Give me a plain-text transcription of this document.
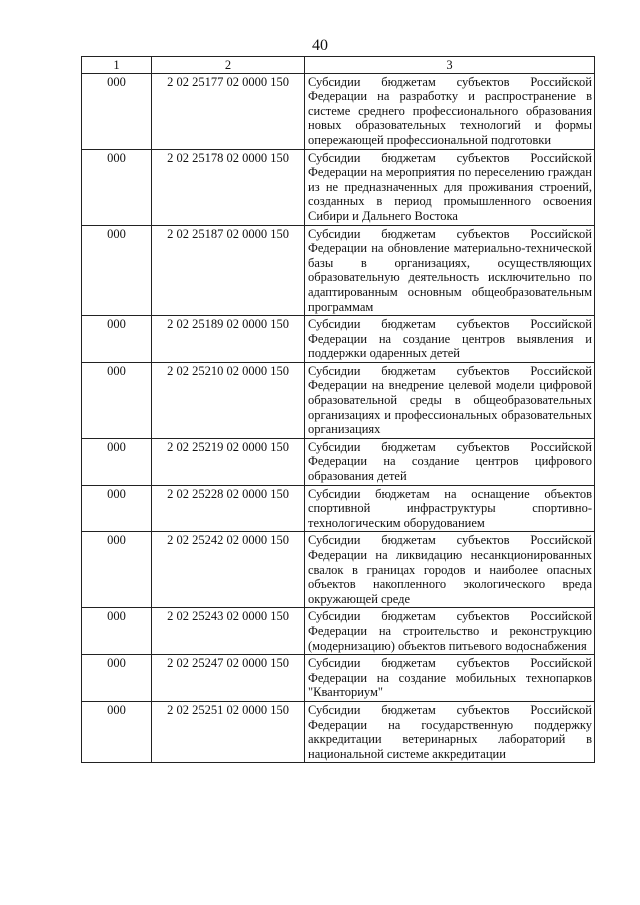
40
1	2	3
000	2 02 25177 02 0000 150	Субсидии бюджетам субъектов Российской Федерации на разработку и распространение в системе среднего профессионального образования новых образовательных технологий и формы опережающей профессиональной подготовки
000	2 02 25178 02 0000 150	Субсидии бюджетам субъектов Российской Федерации на мероприятия по переселению граждан из не предназначенных для проживания строений, созданных в период промышленного освоения Сибири и Дальнего Востока
000	2 02 25187 02 0000 150	Субсидии бюджетам субъектов Российской Федерации на обновление материально-технической базы в организациях, осуществляющих образовательную деятельность исключительно по адаптированным основным общеобразовательным программам
000	2 02 25189 02 0000 150	Субсидии бюджетам субъектов Российской Федерации на создание центров выявления и поддержки одаренных детей
000	2 02 25210 02 0000 150	Субсидии бюджетам субъектов Российской Федерации на внедрение целевой модели цифровой образовательной среды в общеобразовательных организациях и профессиональных образовательных организациях
000	2 02 25219 02 0000 150	Субсидии бюджетам субъектов Российской Федерации на создание центров цифрового образования детей
000	2 02 25228 02 0000 150	Субсидии бюджетам на оснащение объектов спортивной инфраструктуры спортивно-технологическим оборудованием
000	2 02 25242 02 0000 150	Субсидии бюджетам субъектов Российской Федерации на ликвидацию несанкционированных свалок в границах городов и наиболее опасных объектов накопленного экологического вреда окружающей среде
000	2 02 25243 02 0000 150	Субсидии бюджетам субъектов Российской Федерации на строительство и реконструкцию (модернизацию) объектов питьевого водоснабжения
000	2 02 25247 02 0000 150	Субсидии бюджетам субъектов Российской Федерации на создание мобильных технопарков "Кванториум"
000	2 02 25251 02 0000 150	Субсидии бюджетам субъектов Российской Федерации на государственную поддержку аккредитации ветеринарных лабораторий в национальной системе аккредитации
